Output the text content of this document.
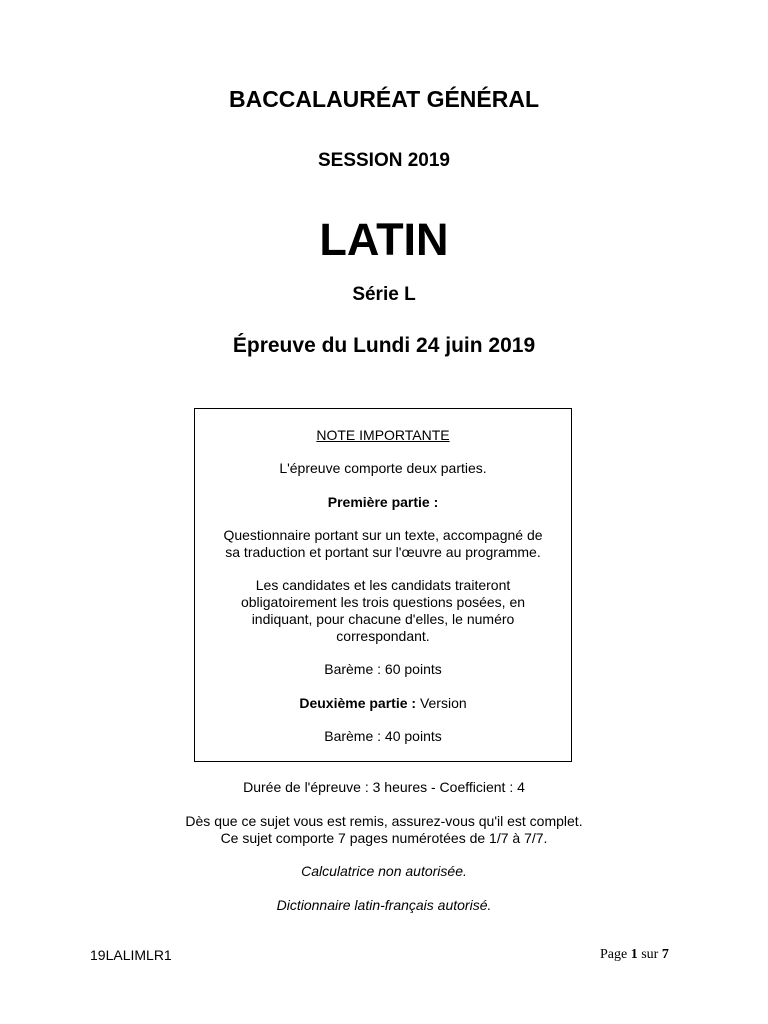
BACCALAURÉAT GÉNÉRAL
SESSION 2019
LATIN
Série L
Épreuve du Lundi 24 juin 2019
NOTE IMPORTANTE
L'épreuve comporte deux parties.
Première partie :
Questionnaire portant sur un texte, accompagné de
sa traduction et portant sur l'œuvre au programme.
Les candidates et les candidats traiteront
obligatoirement les trois questions posées, en
indiquant, pour chacune d'elles, le numéro
correspondant.
Barème : 60 points
Deuxième partie : Version
Barème : 40 points
Durée de l'épreuve : 3 heures - Coefficient : 4
Dès que ce sujet vous est remis, assurez-vous qu'il est complet.
Ce sujet comporte 7 pages numérotées de 1/7 à 7/7.
Calculatrice non autorisée.
Dictionnaire latin-français autorisé.
19LALIMLR1	Page 1 sur 7
